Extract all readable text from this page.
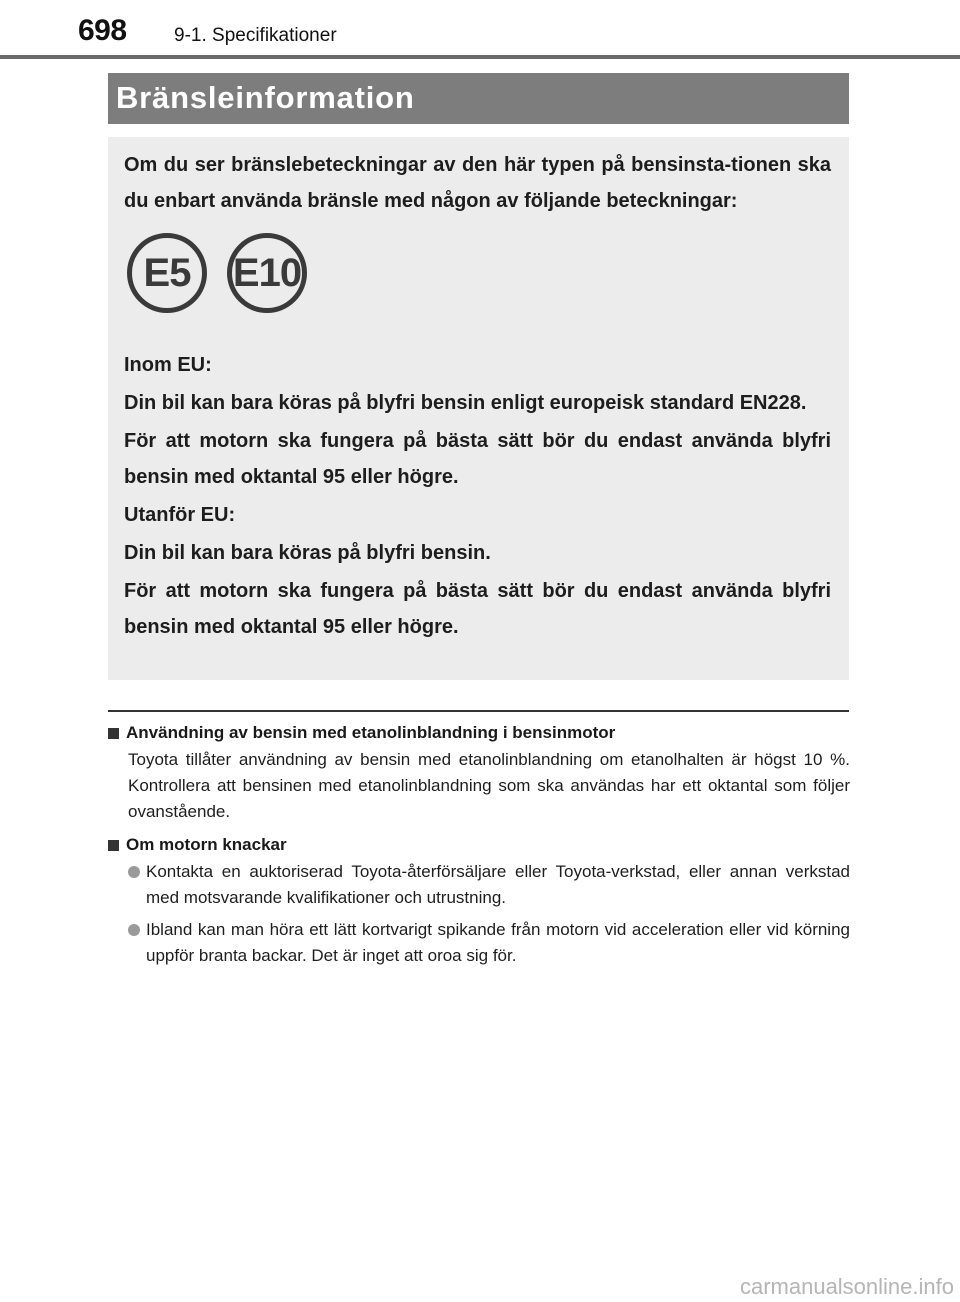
698 9-1. Specifikationer
Bränsleinformation

Om du ser bränslebeteckningar av den här typen på bensinsta-tionen ska du enbart använda bränsle med någon av följande beteckningar:

E5	E10

Inom EU:

Din bil kan bara köras på blyfri bensin enligt europeisk standard EN228.

För att motorn ska fungera på bästa sätt bör du endast använda blyfri bensin med oktantal 95 eller högre.

Utanför EU:

Din bil kan bara köras på blyfri bensin.

För att motorn ska fungera på bästa sätt bör du endast använda blyfri bensin med oktantal 95 eller högre.

Användning av bensin med etanolinblandning i bensinmotor

Toyota tillåter användning av bensin med etanolinblandning om etanolhalten är högst 10 %. Kontrollera att bensinen med etanolinblandning som ska användas har ett oktantal som följer ovanstående.

Om motorn knackar
Kontakta en auktoriserad Toyota-återförsäljare eller Toyota-verkstad, eller annan verkstad med motsvarande kvalifikationer och utrustning.
Ibland kan man höra ett lätt kortvarigt spikande från motorn vid acceleration eller vid körning uppför branta backar. Det är inget att oroa sig för.
carmanualsonline.info
